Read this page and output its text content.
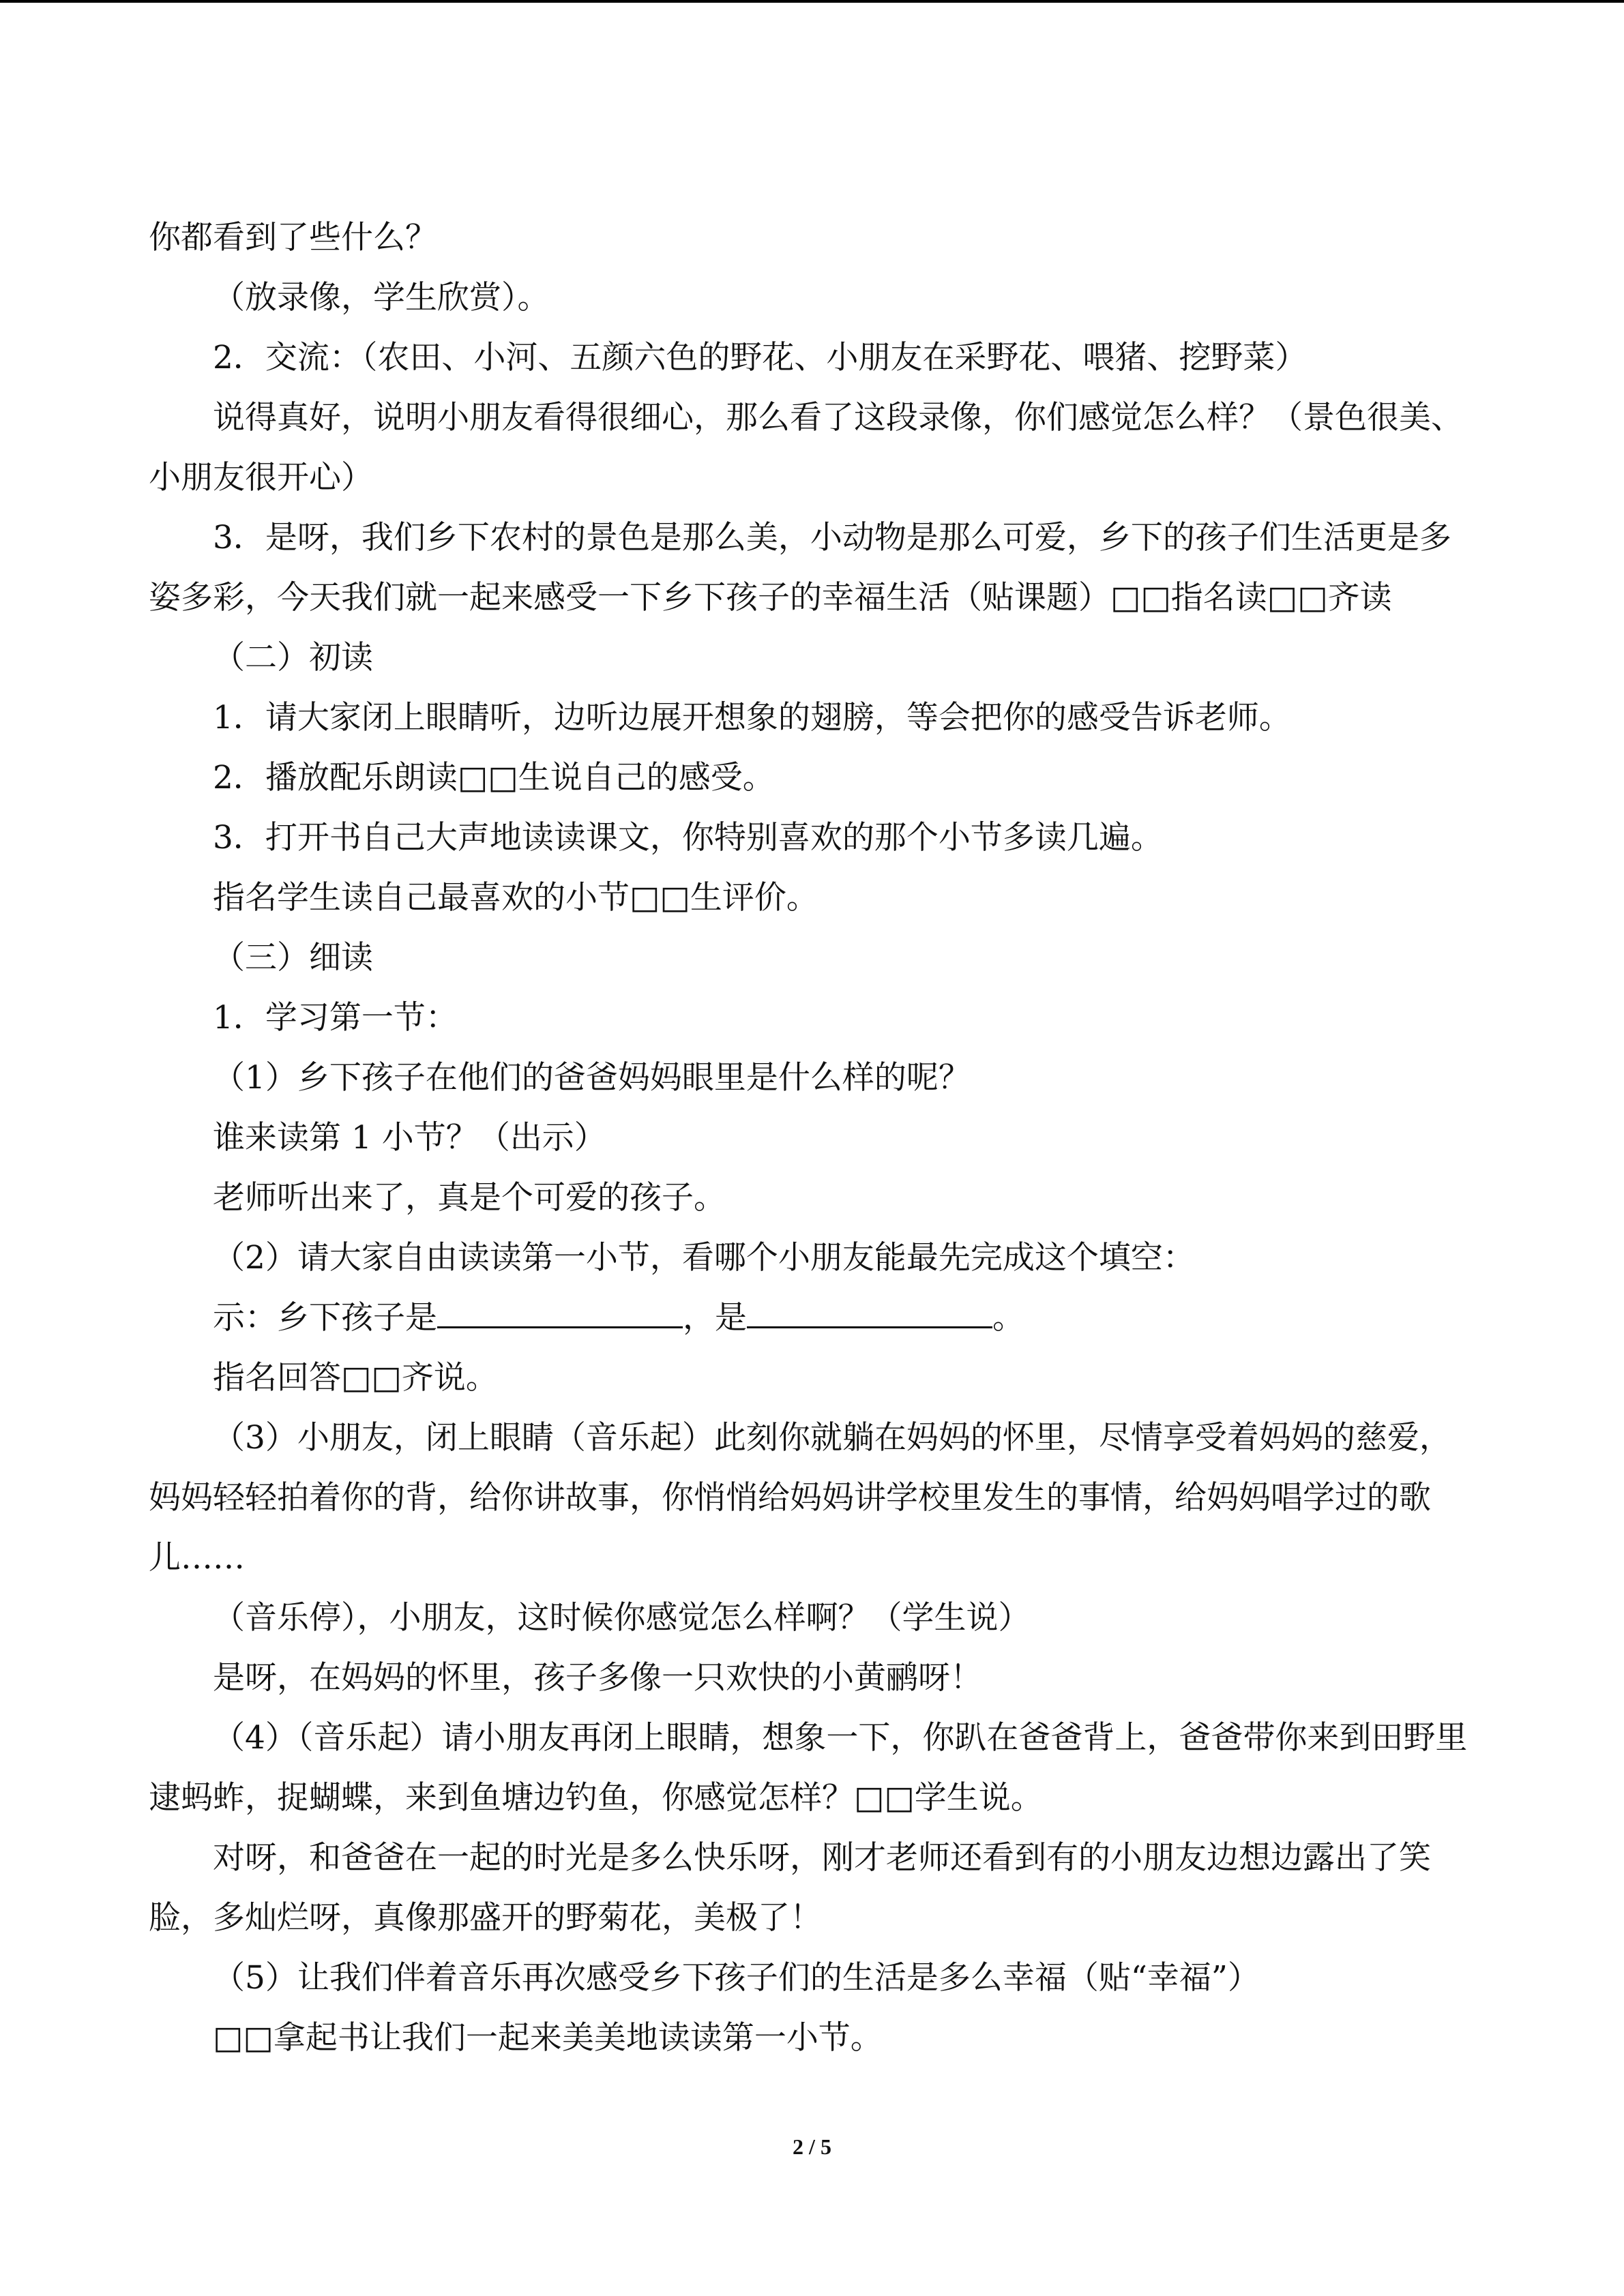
你都看到了些什么？

（放录像，学生欣赏）。

2．交流：（农田、小河、五颜六色的野花、小朋友在采野花、喂猪、挖野菜）

说得真好，说明小朋友看得很细心，那么看了这段录像，你们感觉怎么样？（景色很美、小朋友很开心）

3．是呀，我们乡下农村的景色是那么美，小动物是那么可爱，乡下的孩子们生活更是多姿多彩，今天我们就一起来感受一下乡下孩子的幸福生活（贴课题）□□指名读□□齐读

（二）初读

1．请大家闭上眼睛听，边听边展开想象的翅膀，等会把你的感受告诉老师。

2．播放配乐朗读□□生说自己的感受。

3．打开书自己大声地读读课文，你特别喜欢的那个小节多读几遍。

指名学生读自己最喜欢的小节□□生评价。

（三）细读

1．学习第一节：

（1）乡下孩子在他们的爸爸妈妈眼里是什么样的呢？

谁来读第 1 小节？（出示）

老师听出来了，真是个可爱的孩子。

（2）请大家自由读读第一小节，看哪个小朋友能最先完成这个填空：

示：乡下孩子是	，是	。

指名回答□□齐说。

（3）小朋友，闭上眼睛（音乐起）此刻你就躺在妈妈的怀里，尽情享受着妈妈的慈爱，妈妈轻轻拍着你的背，给你讲故事，你悄悄给妈妈讲学校里发生的事情，给妈妈唱学过的歌儿……

（音乐停），小朋友，这时候你感觉怎么样啊？（学生说）

是呀，在妈妈的怀里，孩子多像一只欢快的小黄鹂呀！

（4）（音乐起）请小朋友再闭上眼睛，想象一下，你趴在爸爸背上，爸爸带你来到田野里逮蚂蚱，捉蝴蝶，来到鱼塘边钓鱼，你感觉怎样？□□学生说。

对呀，和爸爸在一起的时光是多么快乐呀，刚才老师还看到有的小朋友边想边露出了笑脸，多灿烂呀，真像那盛开的野菊花，美极了！

（5）让我们伴着音乐再次感受乡下孩子们的生活是多么幸福（贴“幸福”）

□□拿起书让我们一起来美美地读读第一小节。

2 / 5
